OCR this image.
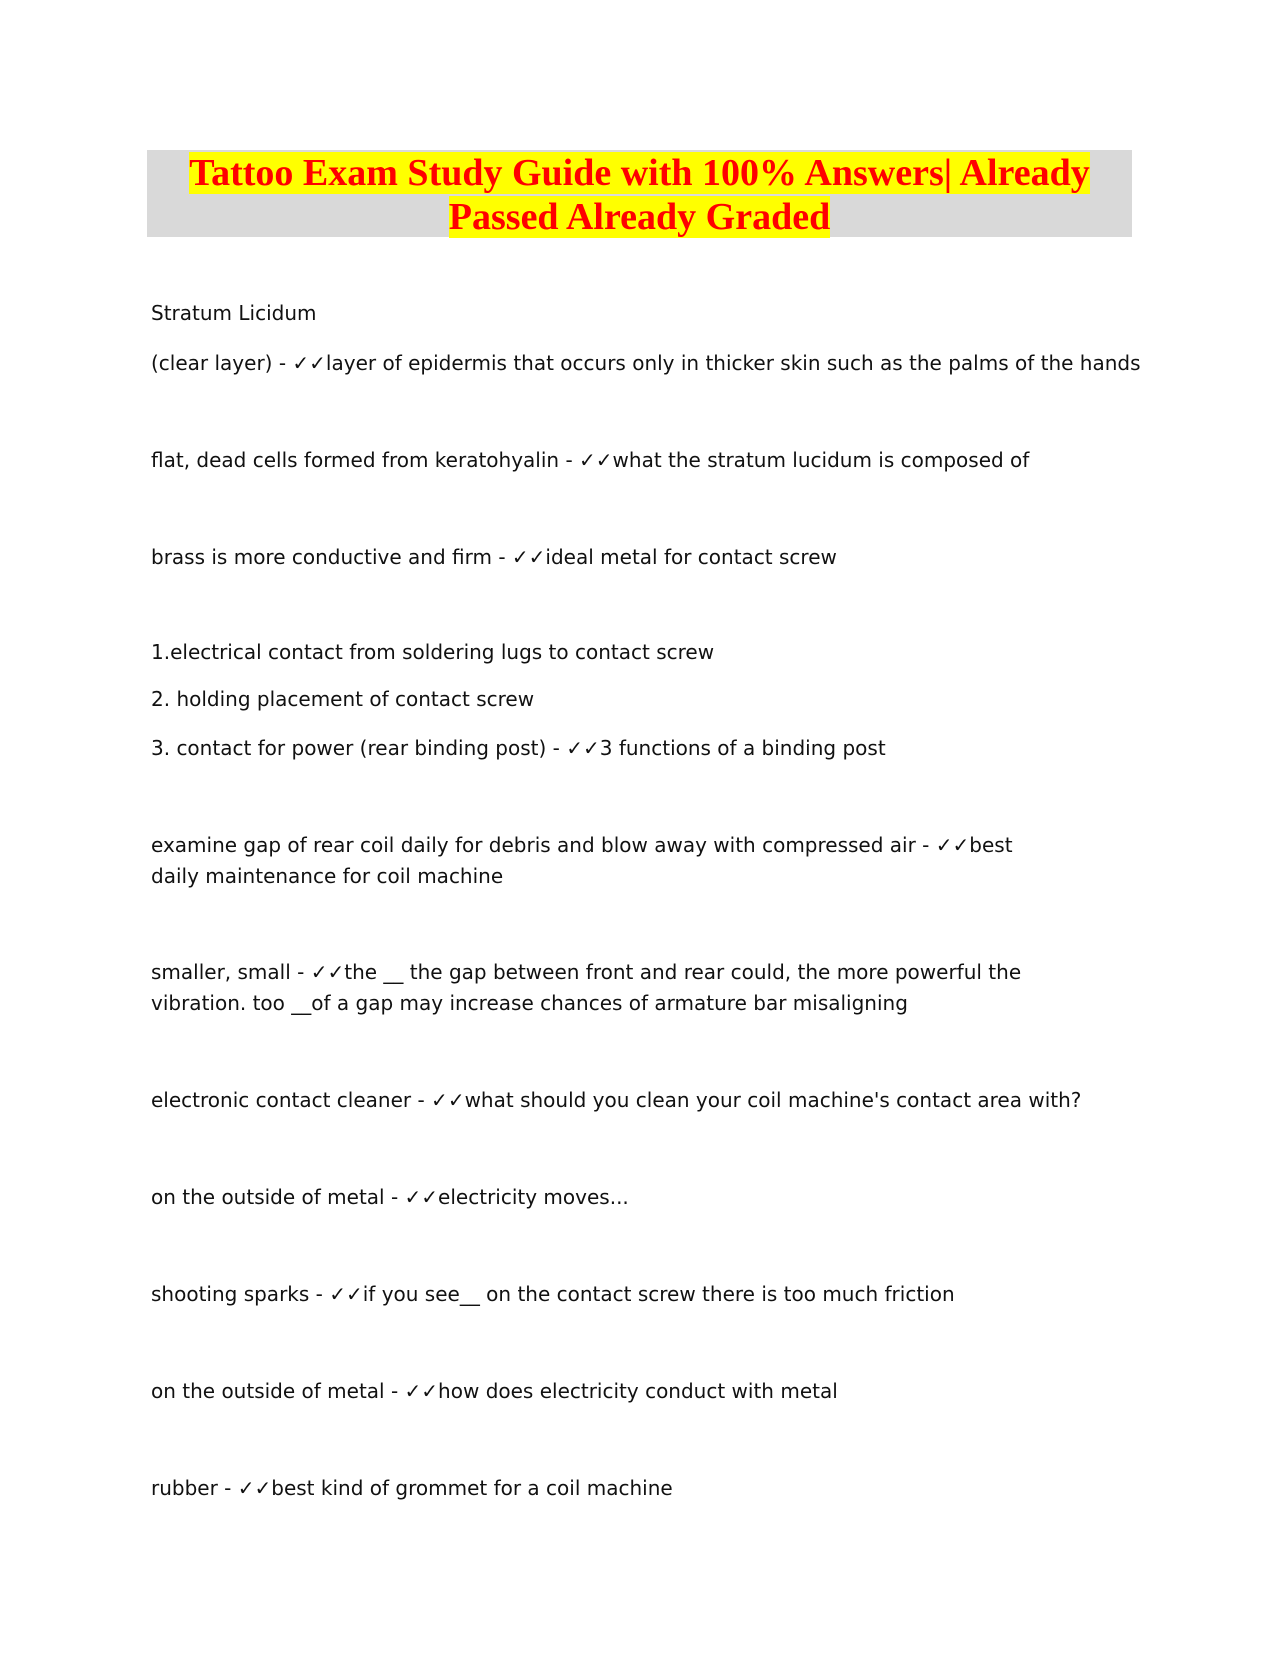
Tattoo Exam Study Guide with 100% Answers| Already
Passed Already Graded
Stratum Licidum
(clear layer) - ✓✓layer of epidermis that occurs only in thicker skin such as the palms of the hands
flat, dead cells formed from keratohyalin - ✓✓what the stratum lucidum is composed of
brass is more conductive and firm - ✓✓ideal metal for contact screw
1.electrical contact from soldering lugs to contact screw
2. holding placement of contact screw
3. contact for power (rear binding post) - ✓✓3 functions of a binding post
examine gap of rear coil daily for debris and blow away with compressed air - ✓✓best daily maintenance for coil machine
smaller, small - ✓✓the __ the gap between front and rear could, the more powerful the vibration. too __of a gap may increase chances of armature bar misaligning
electronic contact cleaner - ✓✓what should you clean your coil machine's contact area with?
on the outside of metal - ✓✓electricity moves...
shooting sparks - ✓✓if you see__ on the contact screw there is too much friction
on the outside of metal - ✓✓how does electricity conduct with metal
rubber - ✓✓best kind of grommet for a coil machine
